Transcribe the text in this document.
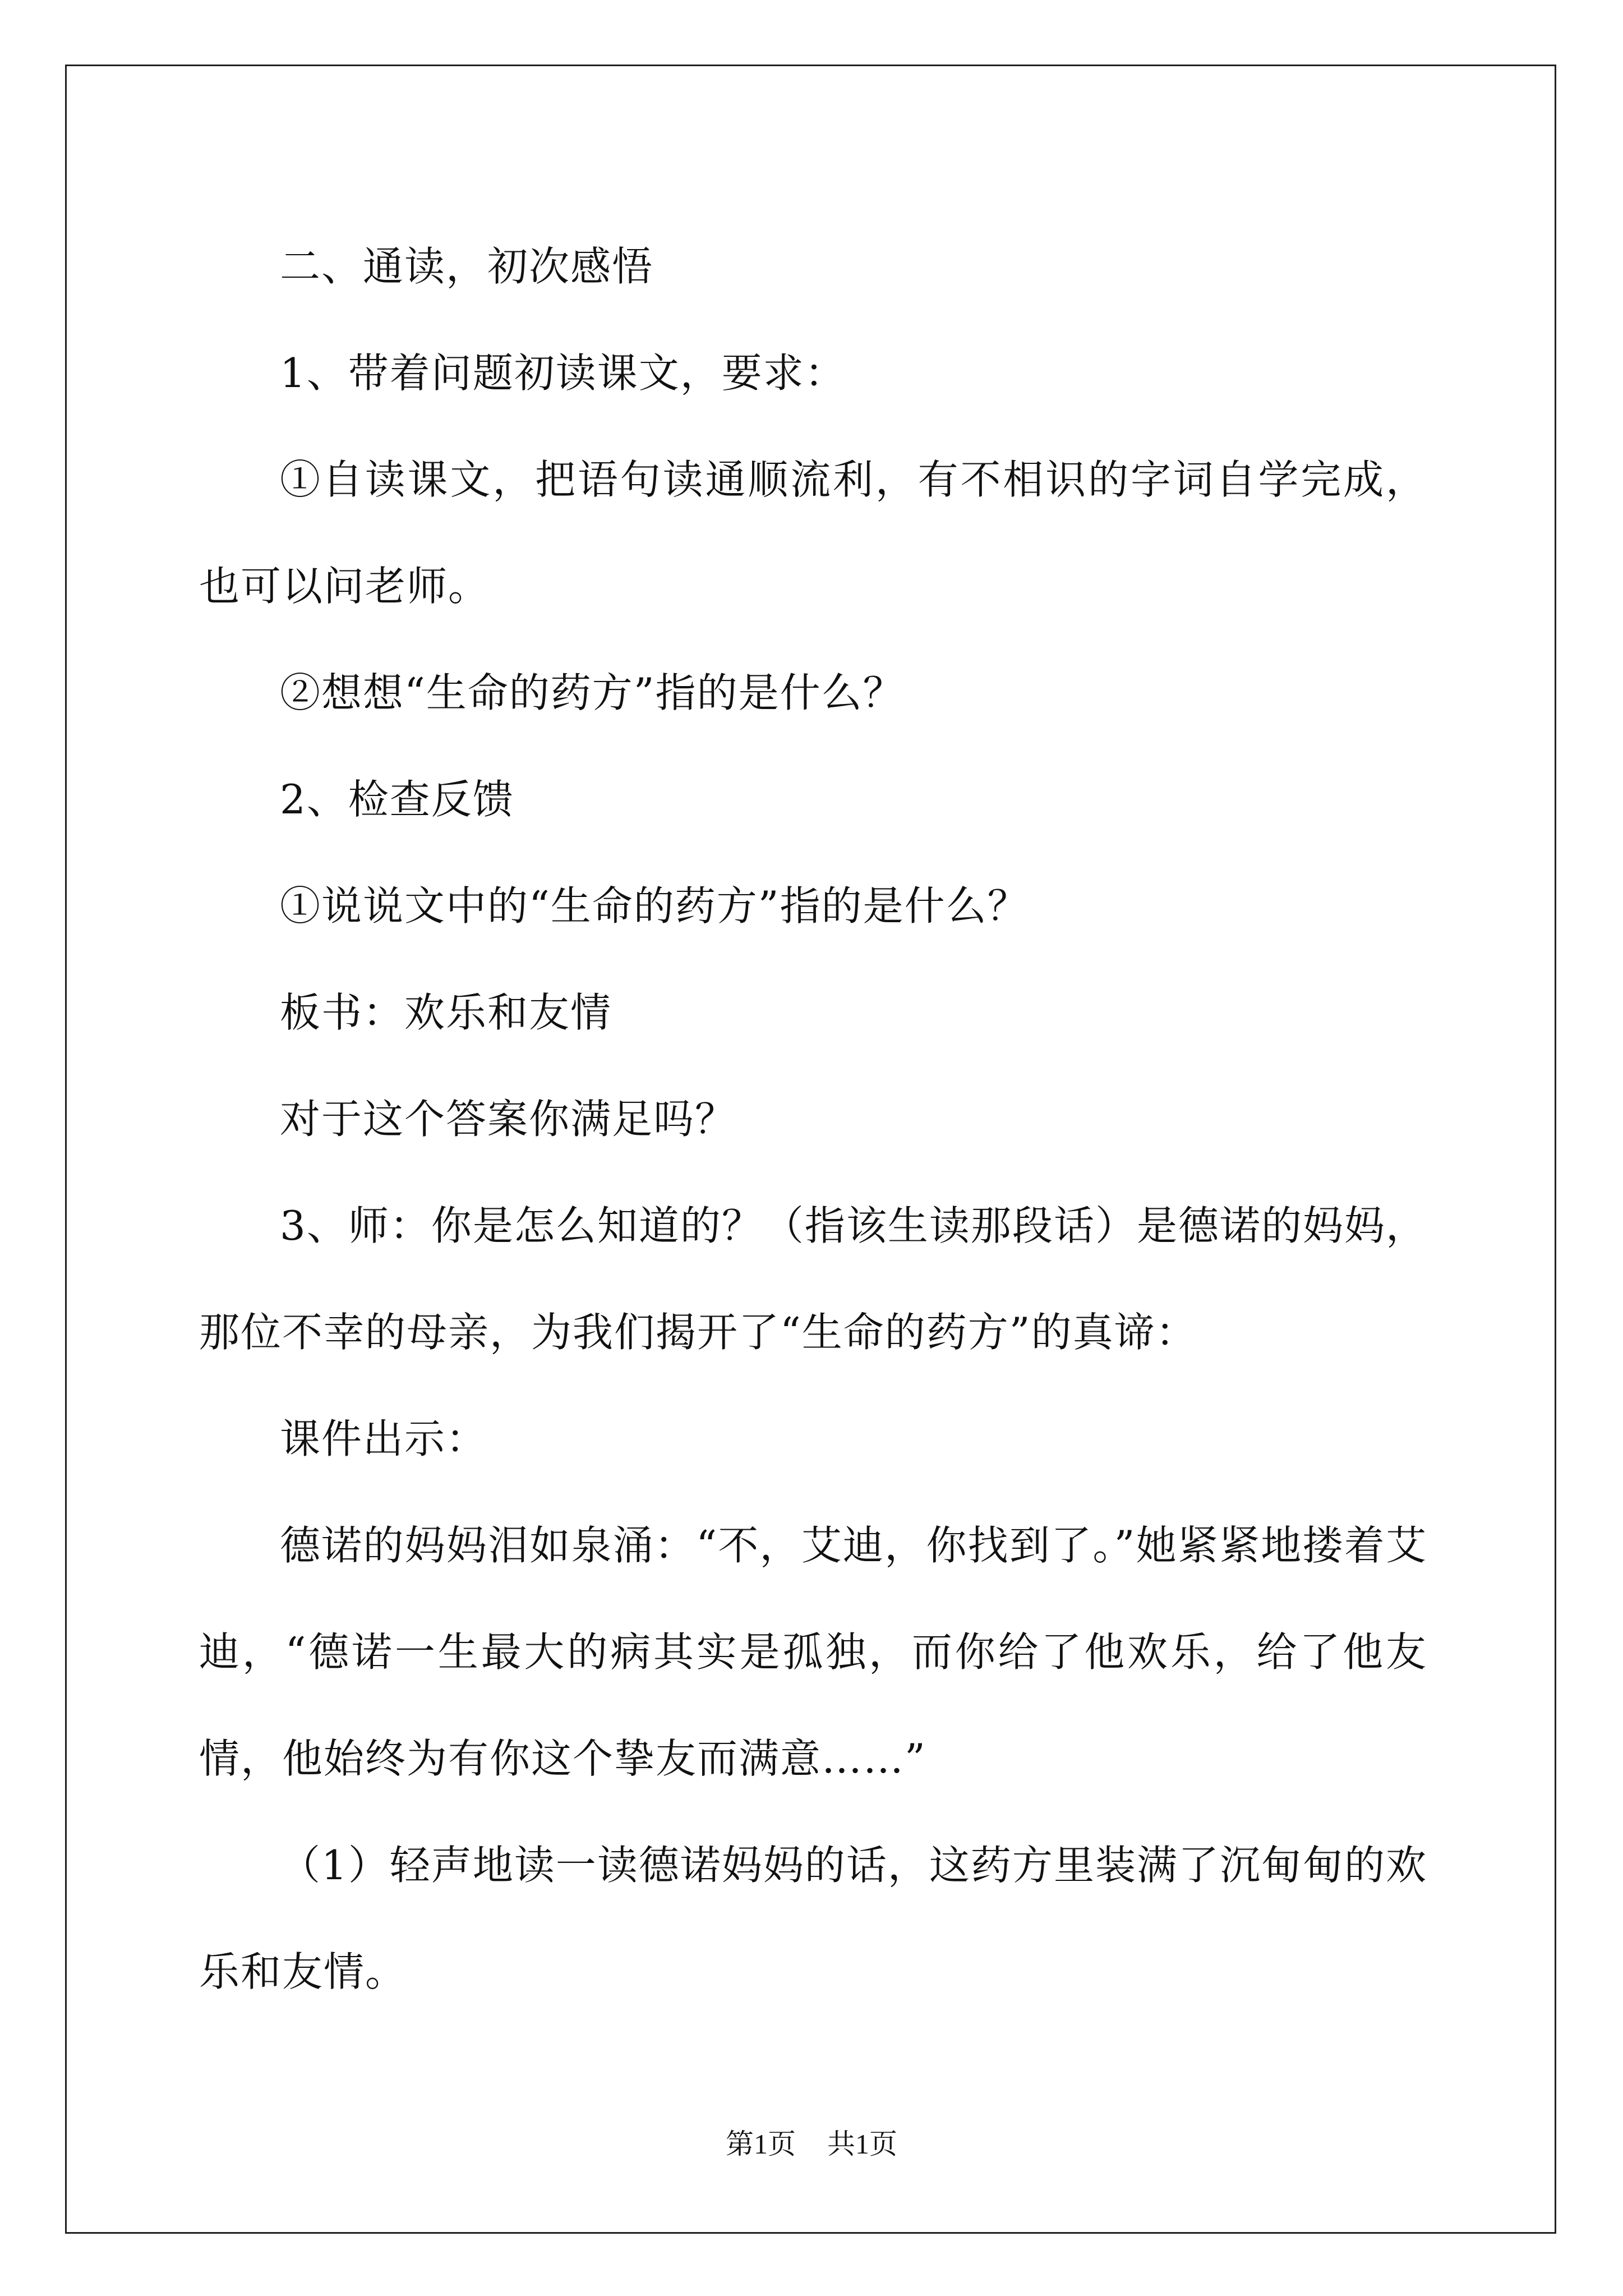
二、通读，初次感悟

1、带着问题初读课文，要求：

①自读课文，把语句读通顺流利，有不相识的字词自学完成，也可以问老师。

②想想“生命的药方”指的是什么？

2、检查反馈

①说说文中的“生命的药方”指的是什么？

板书：欢乐和友情

对于这个答案你满足吗？

3、师：你是怎么知道的？（指该生读那段话）是德诺的妈妈，那位不幸的母亲，为我们揭开了“生命的药方”的真谛：

课件出示：

德诺的妈妈泪如泉涌：“不，艾迪，你找到了。”她紧紧地搂着艾迪，“德诺一生最大的病其实是孤独，而你给了他欢乐，给了他友情，他始终为有你这个挚友而满意……”

（1）轻声地读一读德诺妈妈的话，这药方里装满了沉甸甸的欢乐和友情。

第1页 共1页
